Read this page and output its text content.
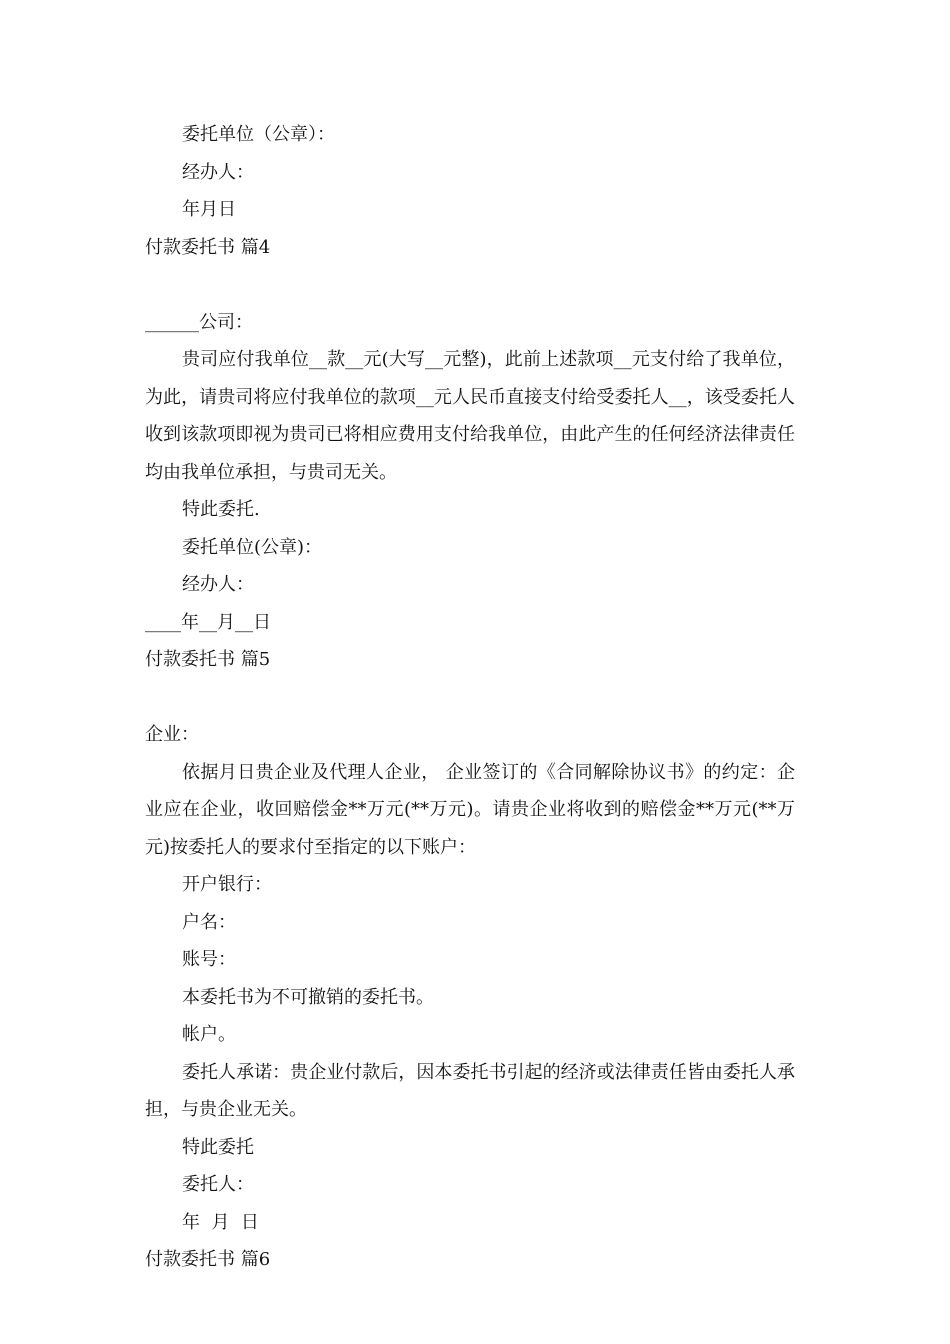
委托单位（公章）：
经办人：
年月日
付款委托书 篇4
______公司：
贵司应付我单位__款__元(大写__元整)，此前上述款项__元支付给了我单位，为此，请贵司将应付我单位的款项__元人民币直接支付给受委托人__，该受委托人收到该款项即视为贵司已将相应费用支付给我单位，由此产生的任何经济法律责任均由我单位承担，与贵司无关。
特此委托.
委托单位(公章)：
经办人：
____年__月__日
付款委托书 篇5
企业：
依据月日贵企业及代理人企业， 企业签订的《合同解除协议书》的约定：企业应在企业，收回赔偿金**万元(**万元)。请贵企业将收到的赔偿金**万元(**万元)按委托人的要求付至指定的以下账户：
开户银行：
户名：
账号：
本委托书为不可撤销的委托书。
帐户。
委托人承诺：贵企业付款后，因本委托书引起的经济或法律责任皆由委托人承担，与贵企业无关。
特此委托
委托人：
年  月  日
付款委托书 篇6
